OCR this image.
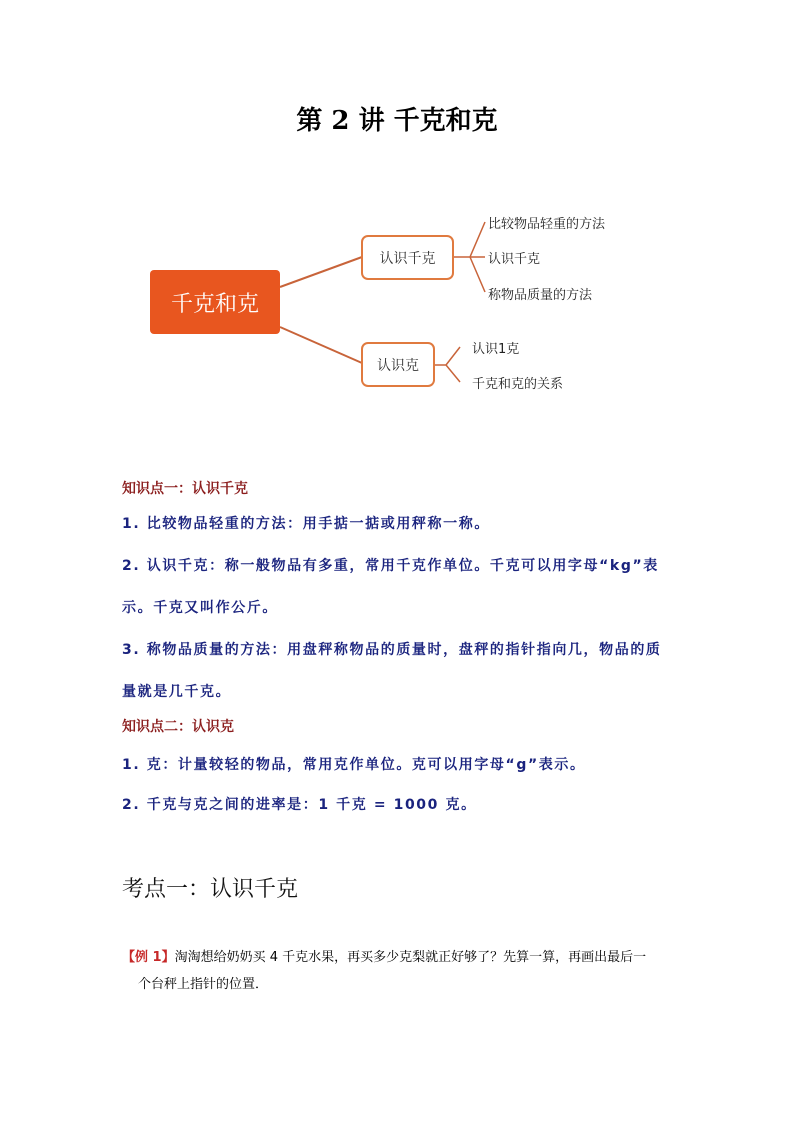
第 2 讲 千克和克
千克和克
认识千克
认识克
比较物品轻重的方法
认识千克
称物品质量的方法
认识1克
千克和克的关系
知识点一：认识千克
1. 比较物品轻重的方法：用手掂一掂或用秤称一称。
2. 认识千克：称一般物品有多重，常用千克作单位。千克可以用字母“kg”表
示。千克又叫作公斤。
3. 称物品质量的方法：用盘秤称物品的质量时，盘秤的指针指向几，物品的质
量就是几千克。
知识点二：认识克
1. 克：计量较轻的物品，常用克作单位。克可以用字母“g”表示。
2. 千克与克之间的进率是：1 千克 = 1000 克。
考点一：认识千克
【例 1】淘淘想给奶奶买 4 千克水果，再买多少克梨就正好够了？先算一算，再画出最后一
个台秤上指针的位置．
